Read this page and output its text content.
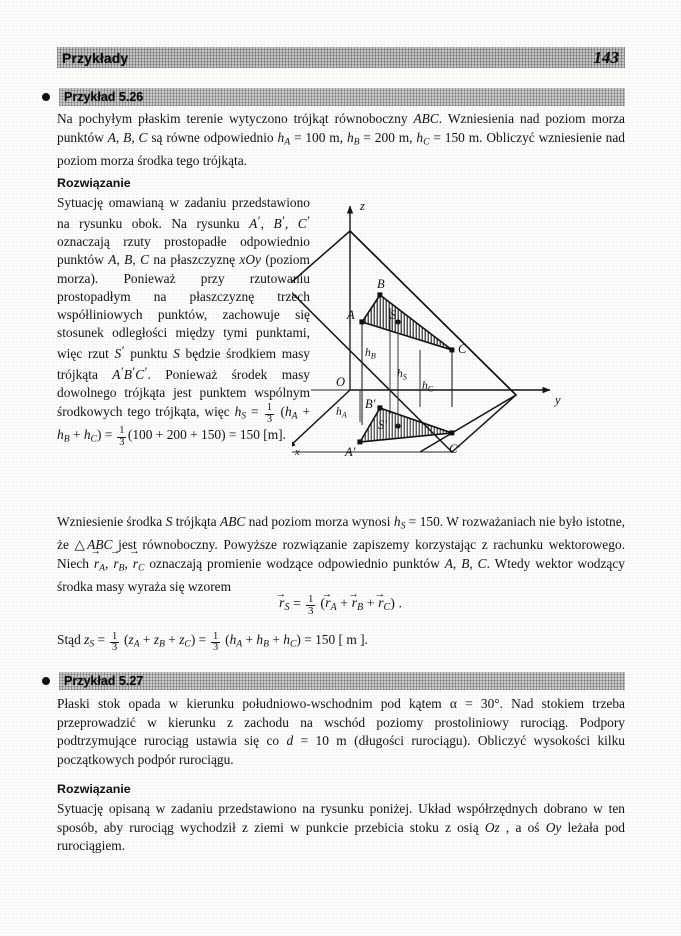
Przykłady	143
Przykład 5.26
Na pochyłym płaskim terenie wytyczono trójkąt równoboczny ABC. Wzniesienia nad poziom morza punktów A, B, C są równe odpowiednio $h_A = 100$ m, $h_B = 200$ m, $h_C = 150$ m. Obliczyć wzniesienie nad poziom morza środka tego trójkąta.
Rozwiązanie
Sytuację omawianą w zadaniu przedstawiono na rysunku obok. Na rysunku A′, B′, C′ oznaczają rzuty prostopadłe odpowiednio punktów A, B, C na płaszczyznę xOy (poziom morza). Ponieważ przy rzutowaniu prostopadłym na płaszczyznę trzech współliniowych punktów, zachowuje się stosunek odległości między tymi punktami, więc rzut S′ punktu S będzie środkiem masy trójkąta A′B′C′. Ponieważ środek masy dowolnego trójkąta jest punktem wspólnym środkowych tego trójkąta, więc $h_S = \frac{1}{3} (h_A + h_B + h_C) = \frac{1}{3} (100 + 200 + 150) = 150$ [m].
z
y
x
O
B
A
C
S
B′
A′	C′
S′
$h_B$
$h_S$
$h_C$
$h_A$
Wzniesienie środka S trójkąta ABC nad poziom morza wynosi $h_S = 150$. W rozważaniach nie było istotne, że △ABC jest równoboczny. Powyższe rozwiązanie zapiszemy korzystając z rachunku wektorowego. Niech → $r_A$, → $r_B$, → $r_C$ oznaczają promienie wodzące odpowiednio punktów A, B, C. Wtedy wektor wodzący środka masy wyraża się wzorem
→ $r_S = \frac{1}{3}$ (→ $r_A$ + → $r_B$ + → $r_C$) .
Stąd $z_S = \frac{1}{3} (z_A + z_B + z_C) = \frac{1}{3} (h_A + h_B + h_C) = 150$ [ m ].
Przykład 5.27
Płaski stok opada w kierunku południowo-wschodnim pod kątem α = 30°. Nad stokiem trzeba przeprowadzić w kierunku z zachodu na wschód poziomy prostoliniowy rurociąg. Podpory podtrzymujące rurociąg ustawia się co d = 10 m (długości rurociągu). Obliczyć wysokości kilku początkowych podpór rurociągu.
Rozwiązanie
Sytuację opisaną w zadaniu przedstawiono na rysunku poniżej. Układ współrzędnych dobrano w ten sposób, aby rurociąg wychodził z ziemi w punkcie przebicia stoku z osią Oz , a oś Oy leżała pod rurociągiem.
